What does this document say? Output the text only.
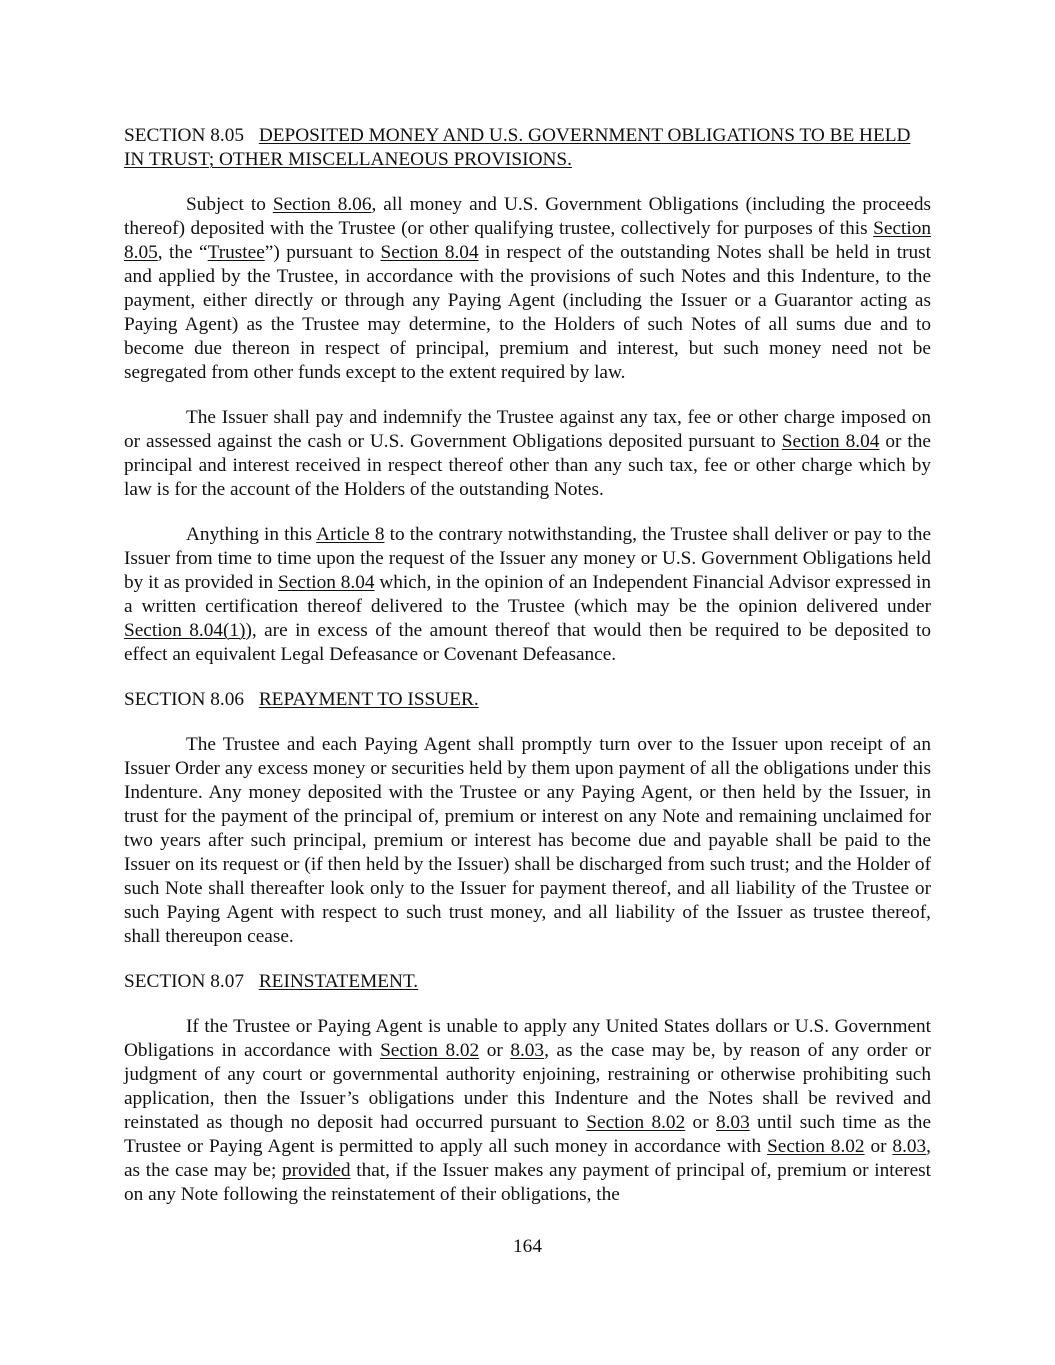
SECTION 8.05 DEPOSITED MONEY AND U.S. GOVERNMENT OBLIGATIONS TO BE HELD IN TRUST; OTHER MISCELLANEOUS PROVISIONS.

Subject to Section 8.06, all money and U.S. Government Obligations (including the proceeds thereof) deposited with the Trustee (or other qualifying trustee, collectively for purposes of this Section 8.05, the “Trustee”) pursuant to Section 8.04 in respect of the outstanding Notes shall be held in trust and applied by the Trustee, in accordance with the provisions of such Notes and this Indenture, to the payment, either directly or through any Paying Agent (including the Issuer or a Guarantor acting as Paying Agent) as the Trustee may determine, to the Holders of such Notes of all sums due and to become due thereon in respect of principal, premium and interest, but such money need not be segregated from other funds except to the extent required by law.

The Issuer shall pay and indemnify the Trustee against any tax, fee or other charge imposed on or assessed against the cash or U.S. Government Obligations deposited pursuant to Section 8.04 or the principal and interest received in respect thereof other than any such tax, fee or other charge which by law is for the account of the Holders of the outstanding Notes.

Anything in this Article 8 to the contrary notwithstanding, the Trustee shall deliver or pay to the Issuer from time to time upon the request of the Issuer any money or U.S. Government Obligations held by it as provided in Section 8.04 which, in the opinion of an Independent Financial Advisor expressed in a written certification thereof delivered to the Trustee (which may be the opinion delivered under Section 8.04(1)), are in excess of the amount thereof that would then be required to be deposited to effect an equivalent Legal Defeasance or Covenant Defeasance.

SECTION 8.06 REPAYMENT TO ISSUER.

The Trustee and each Paying Agent shall promptly turn over to the Issuer upon receipt of an Issuer Order any excess money or securities held by them upon payment of all the obligations under this Indenture. Any money deposited with the Trustee or any Paying Agent, or then held by the Issuer, in trust for the payment of the principal of, premium or interest on any Note and remaining unclaimed for two years after such principal, premium or interest has become due and payable shall be paid to the Issuer on its request or (if then held by the Issuer) shall be discharged from such trust; and the Holder of such Note shall thereafter look only to the Issuer for payment thereof, and all liability of the Trustee or such Paying Agent with respect to such trust money, and all liability of the Issuer as trustee thereof, shall thereupon cease.

SECTION 8.07 REINSTATEMENT.

If the Trustee or Paying Agent is unable to apply any United States dollars or U.S. Government Obligations in accordance with Section 8.02 or 8.03, as the case may be, by reason of any order or judgment of any court or governmental authority enjoining, restraining or otherwise prohibiting such application, then the Issuer’s obligations under this Indenture and the Notes shall be revived and reinstated as though no deposit had occurred pursuant to Section 8.02 or 8.03 until such time as the Trustee or Paying Agent is permitted to apply all such money in accordance with Section 8.02 or 8.03, as the case may be; provided that, if the Issuer makes any payment of principal of, premium or interest on any Note following the reinstatement of their obligations, the

164
